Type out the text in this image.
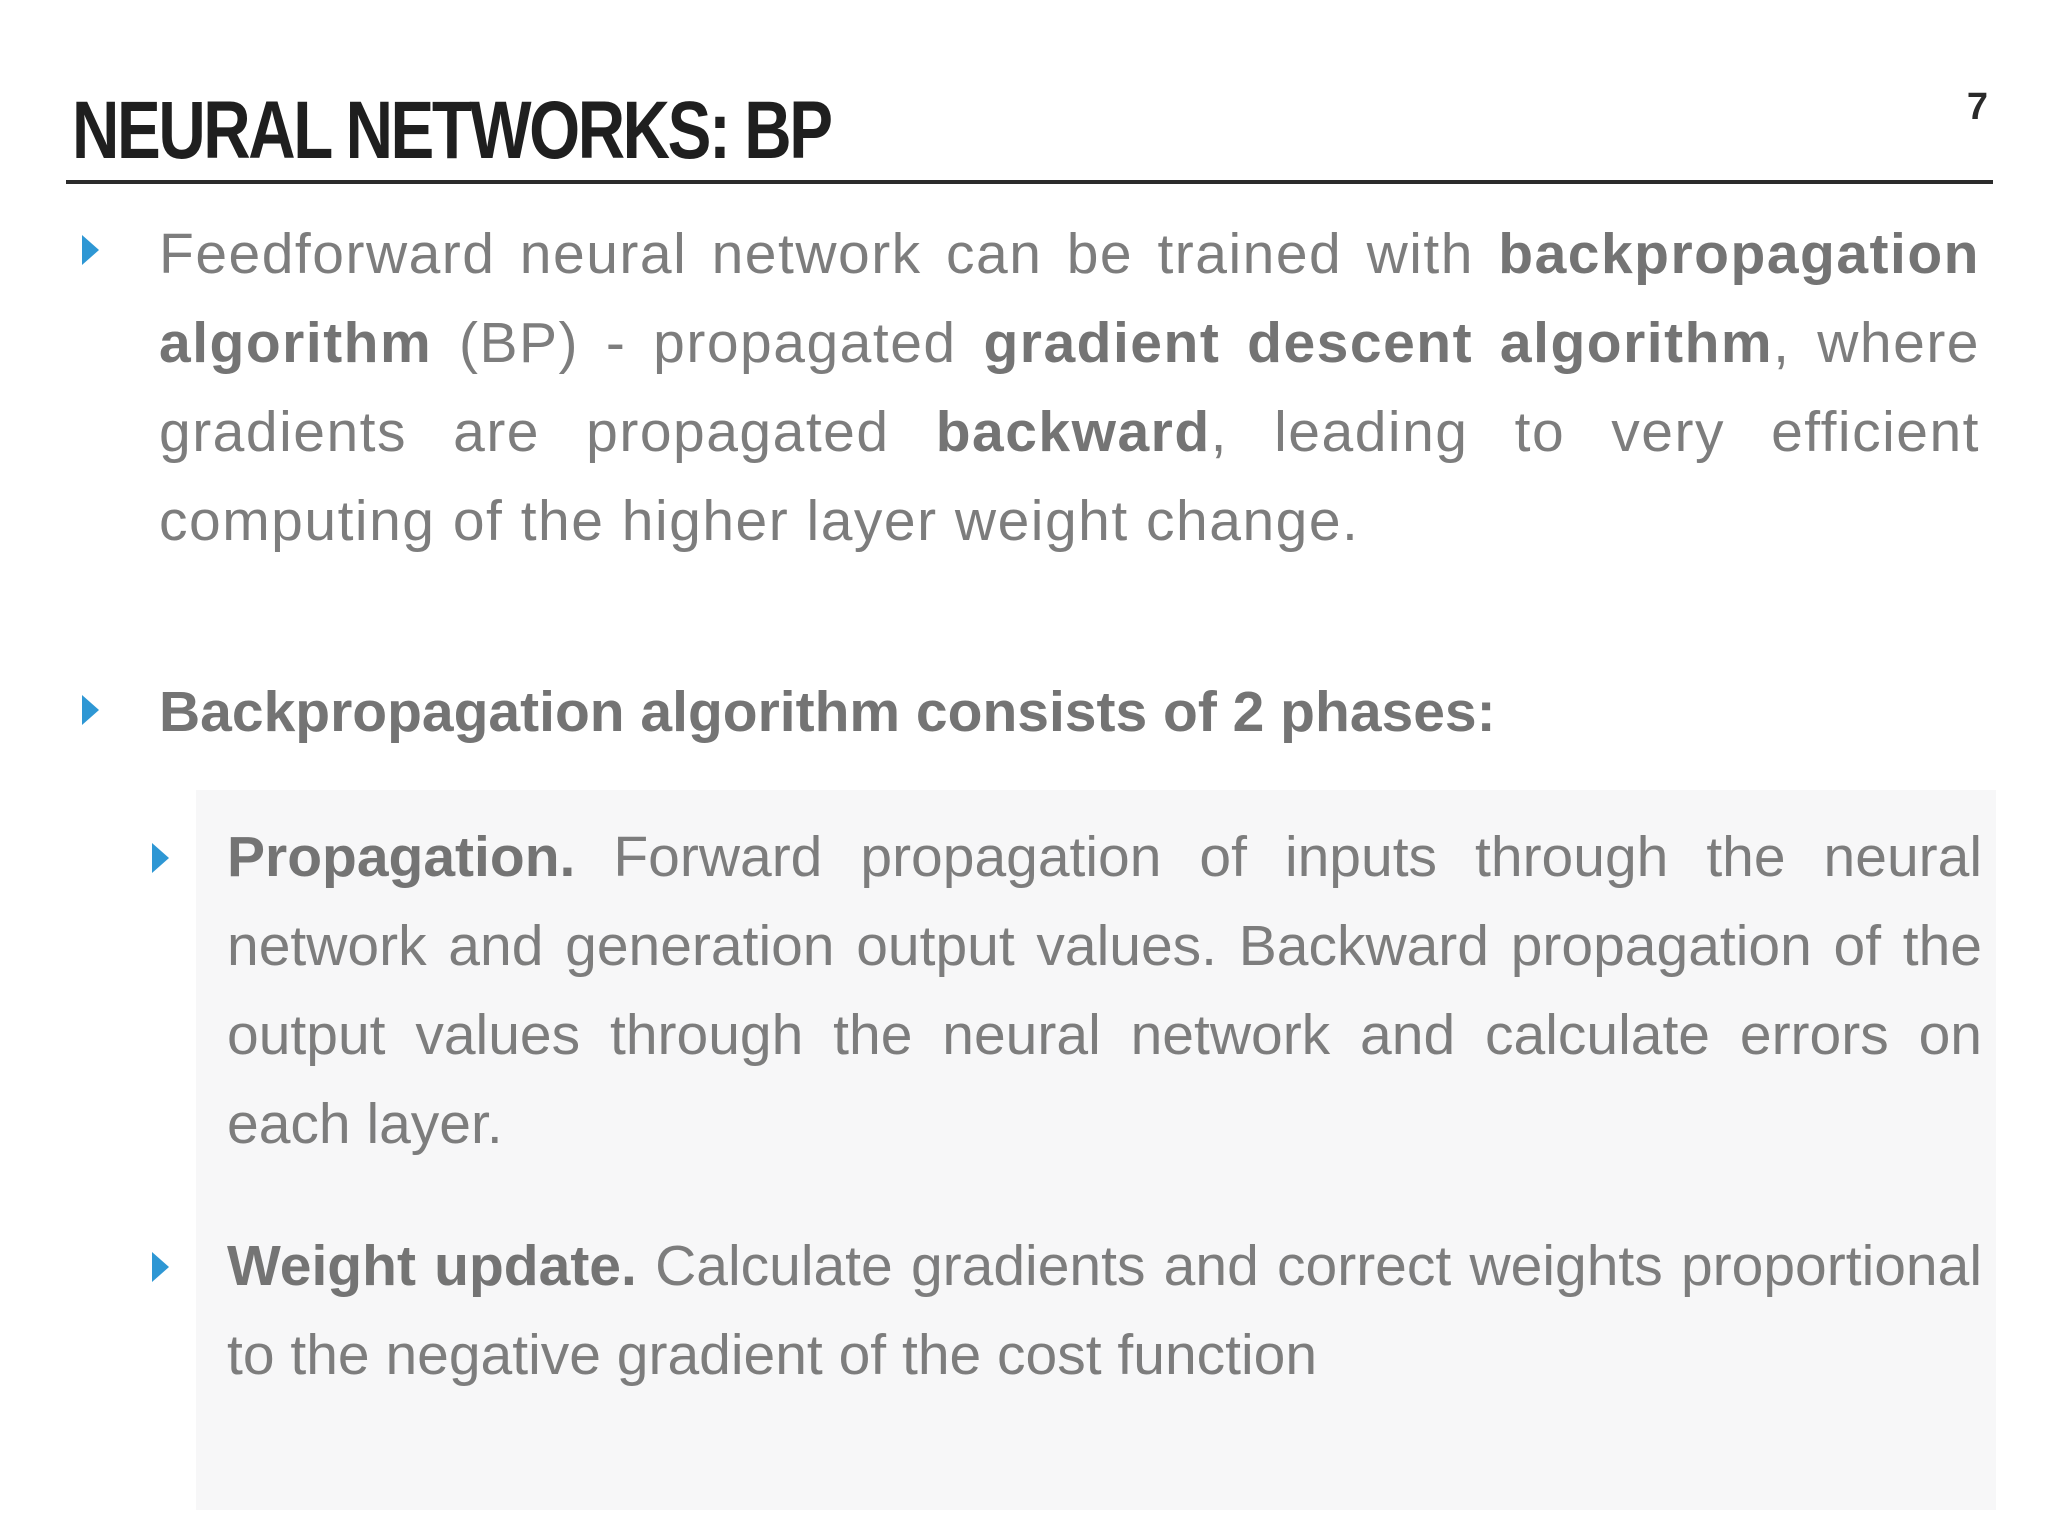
NEURAL NETWORKS: BP	7

Feedforward neural network can be trained with backpropagation algorithm (BP) - propagated gradient descent algorithm, where gradients are propagated backward, leading to very efficient computing of the higher layer weight change.

Backpropagation algorithm consists of 2 phases:

Propagation. Forward propagation of inputs through the neural network and generation output values. Backward propagation of the output values through the neural network and calculate errors on each layer.

Weight update. Calculate gradients and correct weights proportional to the negative gradient of the cost function
